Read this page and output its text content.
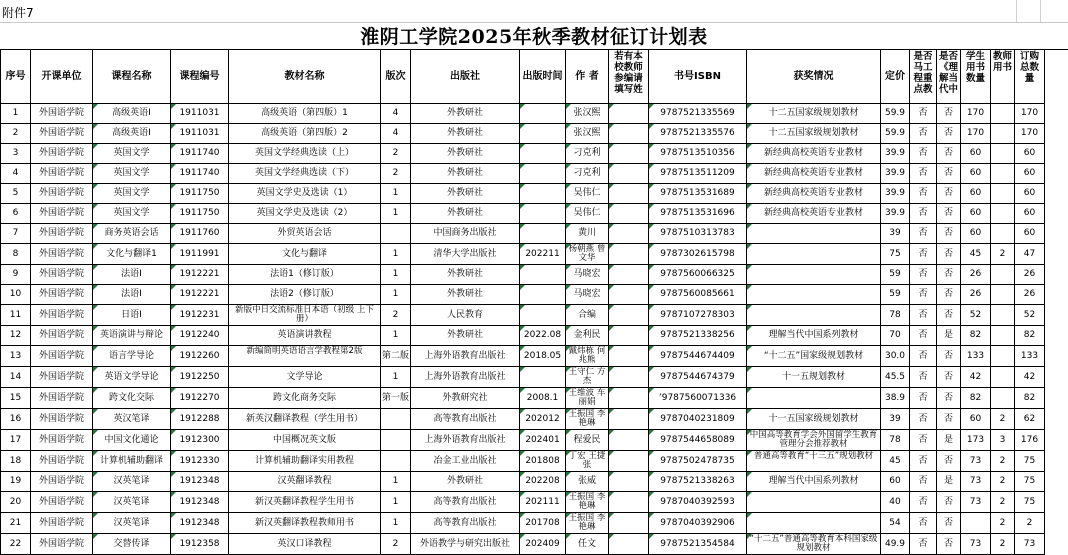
附件7
淮阴工学院2025年秋季教材征订计划表
序号	开课单位	课程名称	课程编号	教材名称	版次	出版社	出版时间	作 者	若有本校教师参编请填写姓	书号ISBN	获奖情况	定价	是否马工程重点教	是否《理解当代中	学生用书数量	教师用书	订购总数量
1	外国语学院	高级英语Ⅰ	1911031	高级英语（第四版）1	4	外教研社		张汉熙		9787521335569	十二五国家级规划教材	59.9	否	否	170		170
2	外国语学院	高级英语Ⅰ	1911031	高级英语（第四版）2	4	外教研社		张汉熙		9787521335576	十二五国家级规划教材	59.9	否	否	170		170
3	外国语学院	英国文学	1911740	英国文学经典选读（上）	2	外教研社		刁克利		9787513510356	新经典高校英语专业教材	39.9	否	否	60		60
4	外国语学院	英国文学	1911740	英国文学经典选读（下）	2	外教研社		刁克利		9787513511209	新经典高校英语专业教材	39.9	否	否	60		60
5	外国语学院	英国文学	1911750	英国文学史及选读（1）	1	外教研社		吴伟仁		9787513531689	新经典高校英语专业教材	39.9	否	否	60		60
6	外国语学院	英国文学	1911750	英国文学史及选读（2）	1	外教研社		吴伟仁		9787513531696	新经典高校英语专业教材	39.9	否	否	60		60
7	外国语学院	商务英语会话	1911760	外贸英语会话		中国商务出版社		黄川		9787510313783		39	否	否	60		60
8	外国语学院	文化与翻译1	1911991	文化与翻译	1	清华大学出版社	202211	杨朝燕 曾文华		9787302615798		75	否	否	45	2	47
9	外国语学院	法语Ⅰ	1912221	法语1（修订版）	1	外教研社		马晓宏		9787560066325		59	否	否	26		26
10	外国语学院	法语Ⅰ	1912221	法语2（修订版）	1	外教研社		马晓宏		9787560085661		59	否	否	26		26
11	外国语学院	日语Ⅰ	1912231	新版中日交流标准日本语（初级 上下册）	2	人民教育		合编		9787107278303		78	否	否	52		52
12	外国语学院	英语演讲与辩论	1912240	英语演讲教程	1	外教研社	2022.08	金利民		9787521338256	理解当代中国系列教材	70	否	是	82		82
13	外国语学院	语言学导论	1912260	新编简明英语语言学教程第2版	第二版	上海外语教育出版社	2018.05	戴炜栋 何兆熊		9787544674409	“十二五”国家级规划教材	30.0	否	否	133		133
14	外国语学院	英语文学导论	1912250	文学导论	1	上海外语教育出版社		王守仁 方杰		9787544674379	十一五规划教材	45.5	否	否	42		42
15	外国语学院	跨文化交际	1912270	跨文化商务交际	第一版	外教研究社	2008.1	王维波 车丽娟		’9787560071336		38.9	否	否	82		82
16	外国语学院	英汉笔译	1912288	新英汉翻译教程（学生用书）		高等教育出版社	202012	王振国 李艳琳		9787040231809	十一五国家级规划教材	39	否	否	60	2	62
17	外国语学院	中国文化通论	1912300	中国概况英文版		上海外语教育出版社	202401	程爱民		9787544658089	中国高等教育学会外国留学生教育管理分会推荐教材	78	否	是	173	3	176
18	外国语学院	计算机辅助翻译	1912330	计算机辅助翻译实用教程		冶金工业出版社	201808	丁宏 王捷 张		9787502478735	普通高等教育“十三五”规划教材	45	否	否	73	2	75
19	外国语学院	汉英笔译	1912348	汉英翻译教程	1	外教研社	202208	张威		9787521338263	理解当代中国系列教材	60	否	是	73	2	75
20	外国语学院	汉英笔译	1912348	新汉英翻译教程学生用书	1	高等教育出版社	202111	王振国 李艳琳		9787040392593		40	否	否	73	2	75
21	外国语学院	汉英笔译	1912348	新汉英翻译教程教师用书	1	高等教育出版社	201708	王振国 李艳琳		9787040392906		54	否	否		2	2
22	外国语学院	交替传译	1912358	英汉口译教程	2	外语教学与研究出版社	202409	任文		9787521354584	“十二五”普通高等教育本科国家级规划教材	49.9	否	否	73	2	73
